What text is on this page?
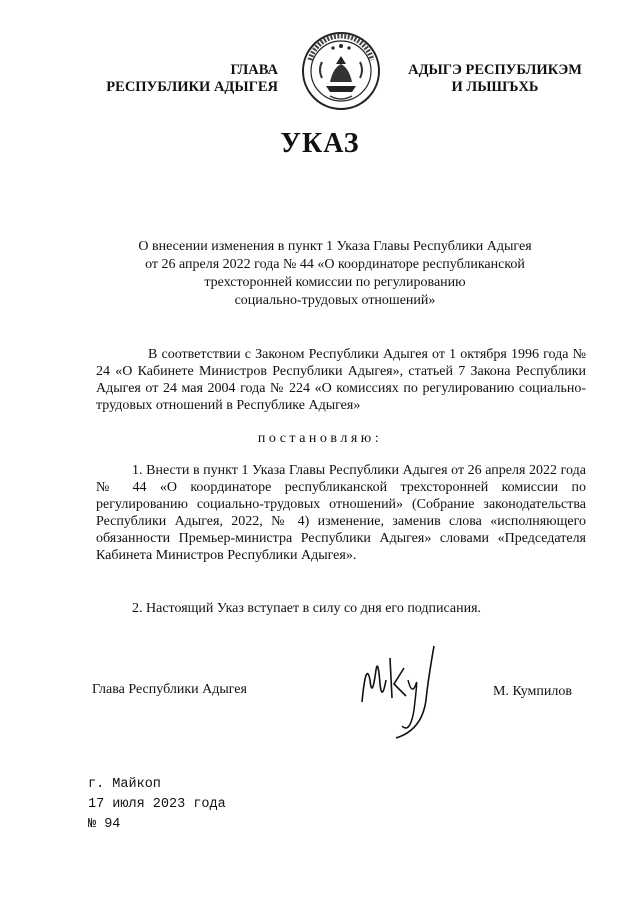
ГЛАВА
РЕСПУБЛИКИ АДЫГЕЯ
АДЫГЭ РЕСПУБЛИКЭМ
И ЛЫШЪХЬ
УКАЗ
О внесении изменения в пункт 1 Указа Главы Республики Адыгея
от 26 апреля 2022 года № 44 «О координаторе республиканской
трехсторонней комиссии по регулированию
социально-трудовых отношений»
В соответствии с Законом Республики Адыгея от 1 октября 1996 года № 24 «О Кабинете Министров Республики Адыгея», статьей 7 Закона Республики Адыгея от 24 мая 2004 года № 224 «О комиссиях по регулированию социально-трудовых отношений в Республике Адыгея»
постановляю:
1. Внести в пункт 1 Указа Главы Республики Адыгея от 26 апреля 2022 года № 44 «О координаторе республиканской трехсторонней комиссии по регулированию социально-трудовых отношений» (Собрание законодательства Республики Адыгея, 2022, № 4) изменение, заменив слова «исполняющего обязанности Премьер-министра Республики Адыгея» словами «Председателя Кабинета Министров Республики Адыгея».
2. Настоящий Указ вступает в силу со дня его подписания.
Глава Республики Адыгея	М. Кумпилов
г. Майкоп
17 июля 2023 года
№ 94
